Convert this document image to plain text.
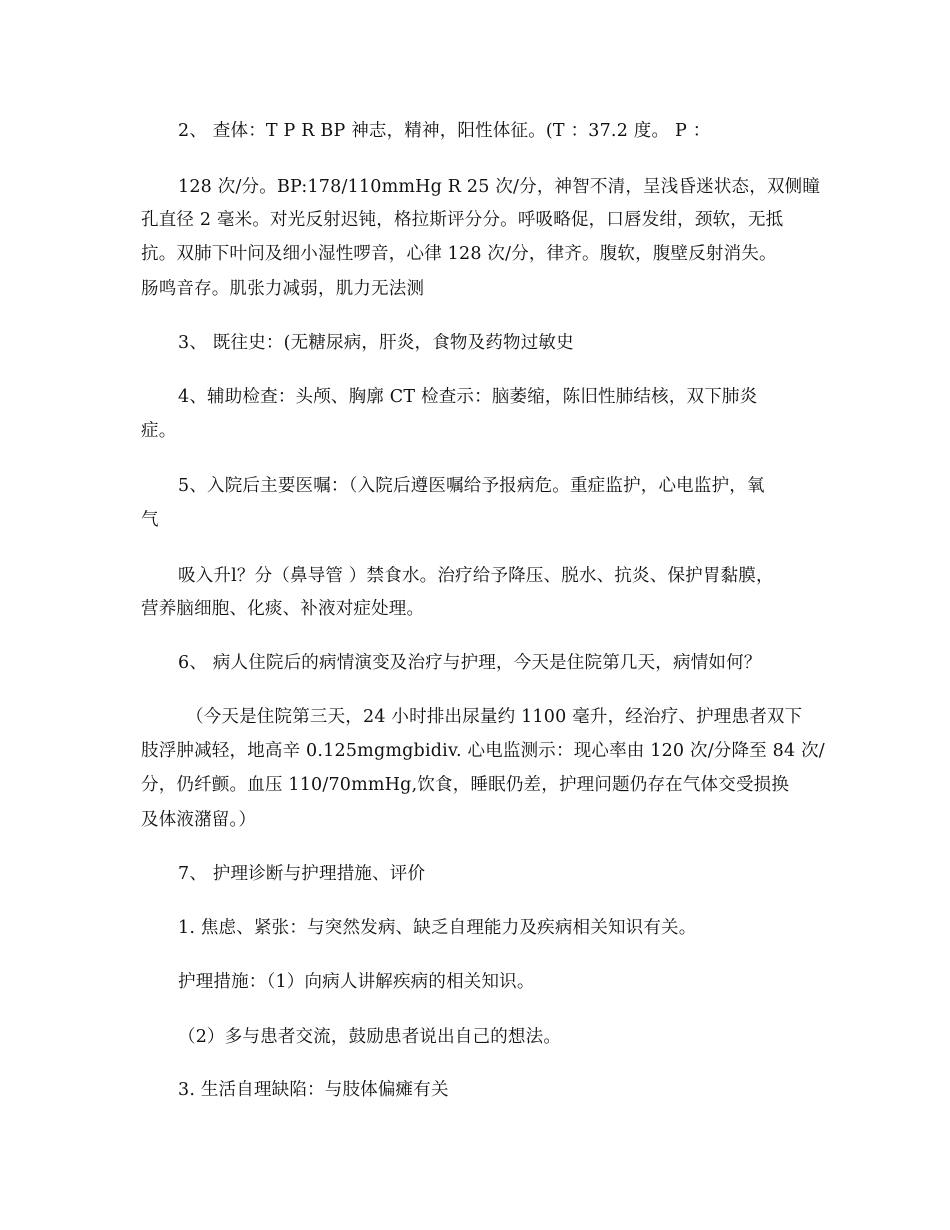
2、 查体：T P R BP 神志，精神，阳性体征。(T ：37.2 度。 P ：
128 次/分。BP:178/110mmHg R 25 次/分，神智不清，呈浅昏迷状态，双侧瞳
孔直径 2 毫米。对光反射迟钝，格拉斯评分分。呼吸略促，口唇发绀，颈软，无抵
抗。双肺下叶问及细小湿性啰音，心律 128 次/分，律齐。腹软，腹壁反射消失。
肠鸣音存。肌张力减弱，肌力无法测
3、 既往史：(无糖尿病，肝炎，食物及药物过敏史
4、辅助检查：头颅、胸廓 CT 检查示：脑萎缩，陈旧性肺结核，双下肺炎
症。
5、入院后主要医嘱：（入院后遵医嘱给予报病危。重症监护，心电监护，氧
气
吸入升l？分（鼻导管 ）禁食水。治疗给予降压、脱水、抗炎、保护胃黏膜，
营养脑细胞、化痰、补液对症处理。
6、 病人住院后的病情演变及治疗与护理，今天是住院第几天，病情如何？
（今天是住院第三天，24 小时排出尿量约 1100 毫升，经治疗、护理患者双下
肢浮肿减轻，地高辛 0.125mgmgbidiv. 心电监测示：现心率由 120 次/分降至 84 次/
分，仍纤颤。血压 110/70mmHg,饮食，睡眠仍差，护理问题仍存在气体交受损换
及体液潴留。）
7、 护理诊断与护理措施、评价
1. 焦虑、紧张：与突然发病、缺乏自理能力及疾病相关知识有关。
护理措施：（1）向病人讲解疾病的相关知识。
（2）多与患者交流，鼓励患者说出自己的想法。
3. 生活自理缺陷：与肢体偏瘫有关
